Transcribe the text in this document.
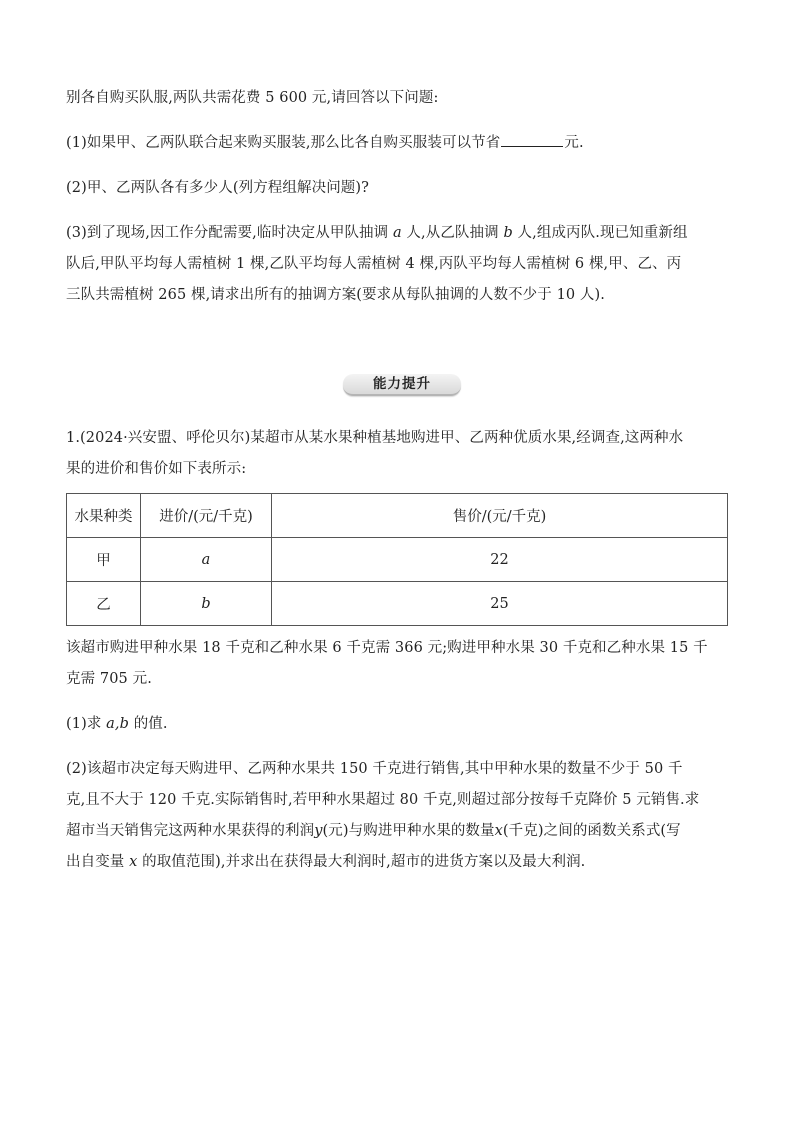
别各自购买队服,两队共需花费 5 600 元,请回答以下问题:
(1)如果甲、乙两队联合起来购买服装,那么比各自购买服装可以节省	元.
(2)甲、乙两队各有多少人(列方程组解决问题)?
(3)到了现场,因工作分配需要,临时决定从甲队抽调 a 人,从乙队抽调 b 人,组成丙队.现已知重新组
队后,甲队平均每人需植树 1 棵,乙队平均每人需植树 4 棵,丙队平均每人需植树 6 棵,甲、乙、丙
三队共需植树 265 棵,请求出所有的抽调方案(要求从每队抽调的人数不少于 10 人).
能力提升
1.(2024·兴安盟、呼伦贝尔)某超市从某水果种植基地购进甲、乙两种优质水果,经调查,这两种水
果的进价和售价如下表所示:
水果种类	进价/(元/千克)	售价/(元/千克)
甲	a	22
乙	b	25
该超市购进甲种水果 18 千克和乙种水果 6 千克需 366 元;购进甲种水果 30 千克和乙种水果 15 千
克需 705 元.
(1)求 a,b 的值.
(2)该超市决定每天购进甲、乙两种水果共 150 千克进行销售,其中甲种水果的数量不少于 50 千
克,且不大于 120 千克.实际销售时,若甲种水果超过 80 千克,则超过部分按每千克降价 5 元销售.求
超市当天销售完这两种水果获得的利润y(元)与购进甲种水果的数量x(千克)之间的函数关系式(写
出自变量 x 的取值范围),并求出在获得最大利润时,超市的进货方案以及最大利润.
